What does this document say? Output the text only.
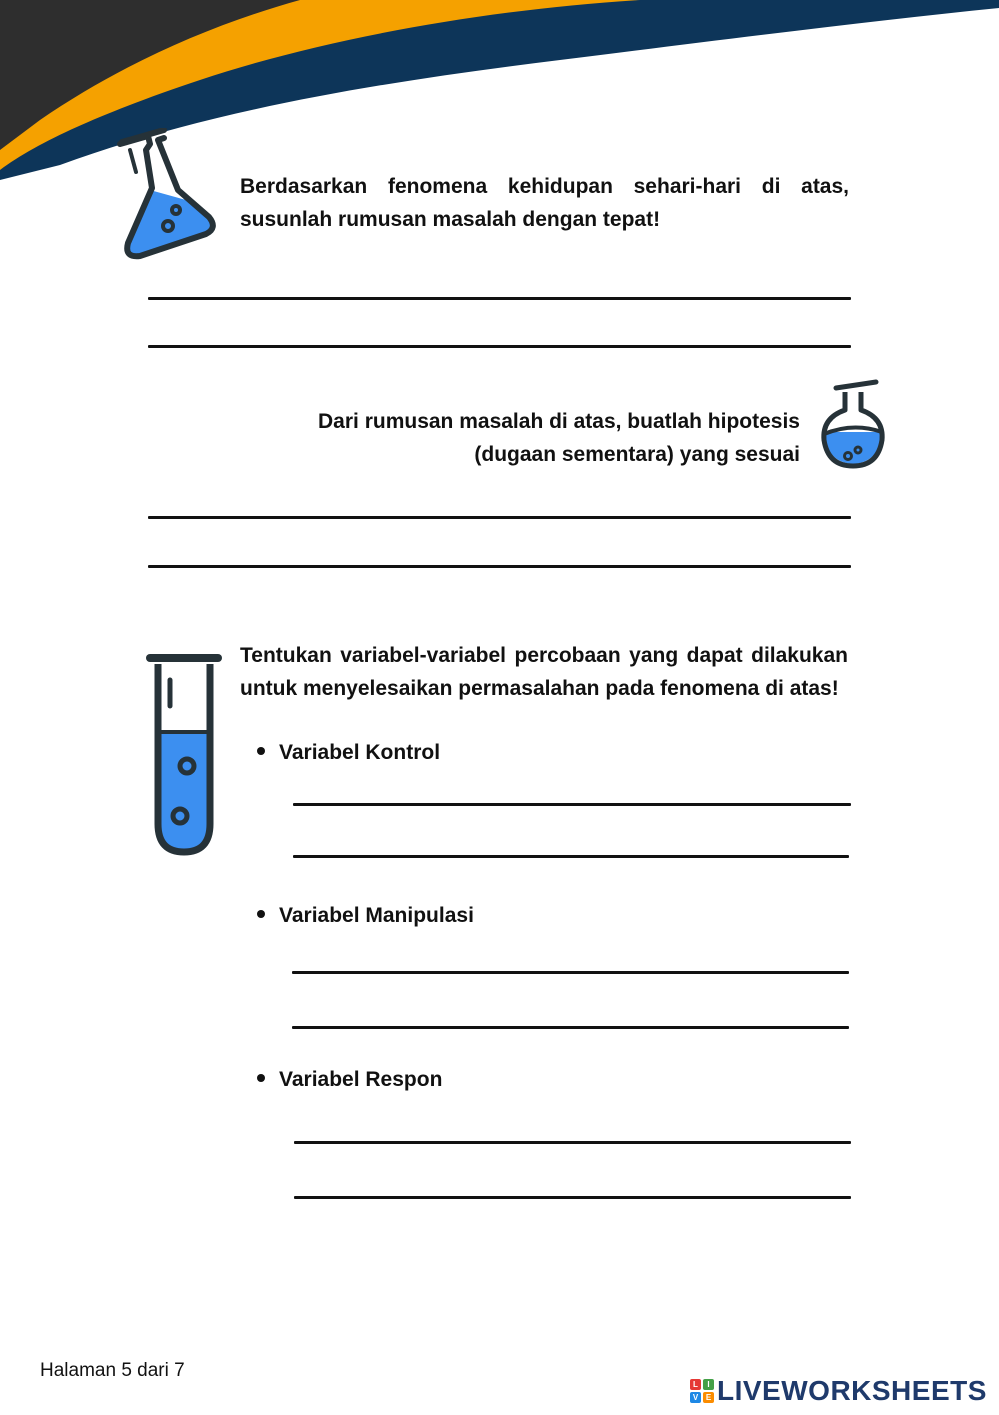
Berdasarkan fenomena kehidupan sehari-hari di atas, susunlah rumusan masalah dengan tepat!
Dari rumusan masalah di atas, buatlah hipotesis
(dugaan sementara) yang sesuai
Tentukan variabel-variabel percobaan yang dapat dilakukan untuk menyelesaikan permasalahan pada fenomena di atas!
Variabel Kontrol
Variabel Manipulasi
Variabel Respon
Halaman 5 dari 7
L	I
V E LIVEWORKSHEETS
